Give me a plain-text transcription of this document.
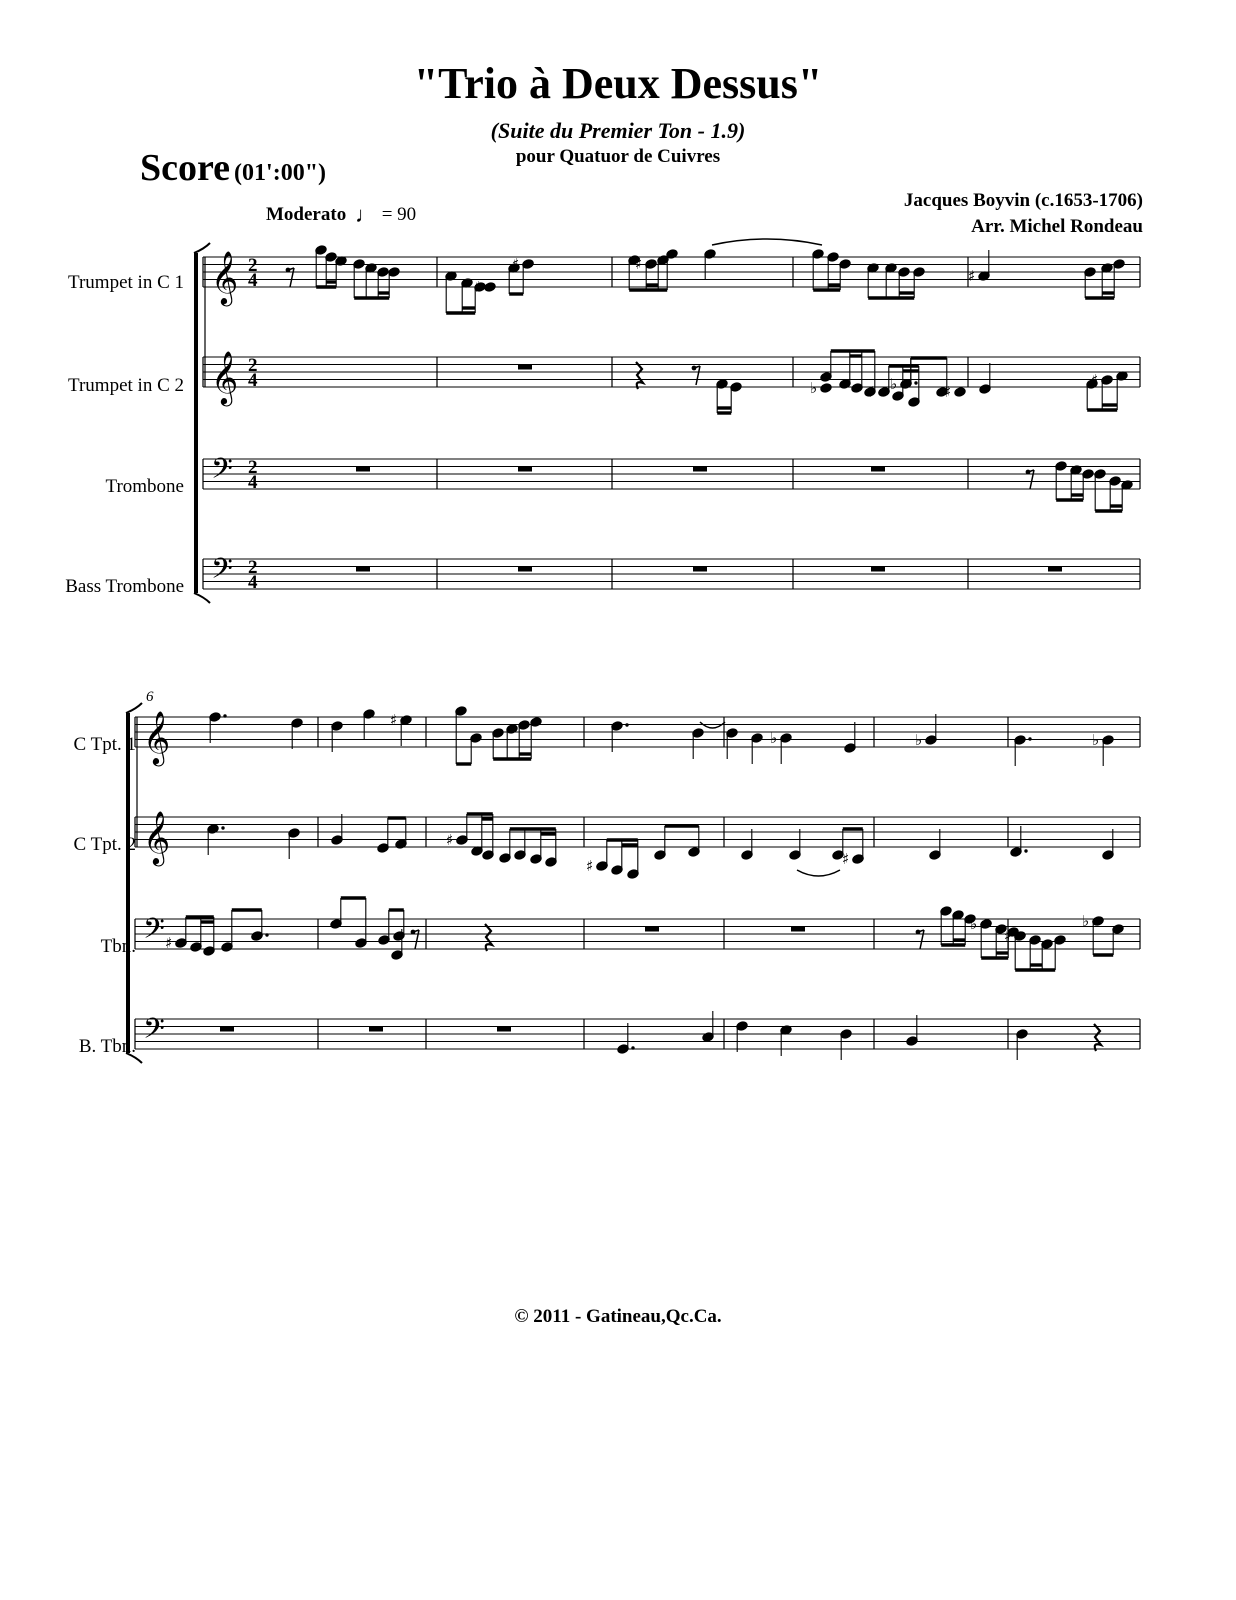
"Trio à Deux Dessus"
(Suite du Premier Ton - 1.9)
pour Quatuor de Cuivres
Score (01':00")
Jacques Boyvin (c.1653-1706)
Arr. Michel Rondeau
Moderato ♩ = 90
Trumpet in C 1
Trumpet in C 2
Trombone
Bass Trombone
6
C Tpt. 1
C Tpt. 2
Tbn.
B. Tbn.
𝄞 2
4
𝄞 2
4
𝄢 2
4
𝄢 2
4
𝄞
𝄞
𝄢
𝄢
♯
♯	♯
♯
♭	♯ ♭	♯
♯
♯
♭	♭	♭
♯
♯	♯
♯
♭
♯
♭
© 2011 - Gatineau,Qc.Ca.
